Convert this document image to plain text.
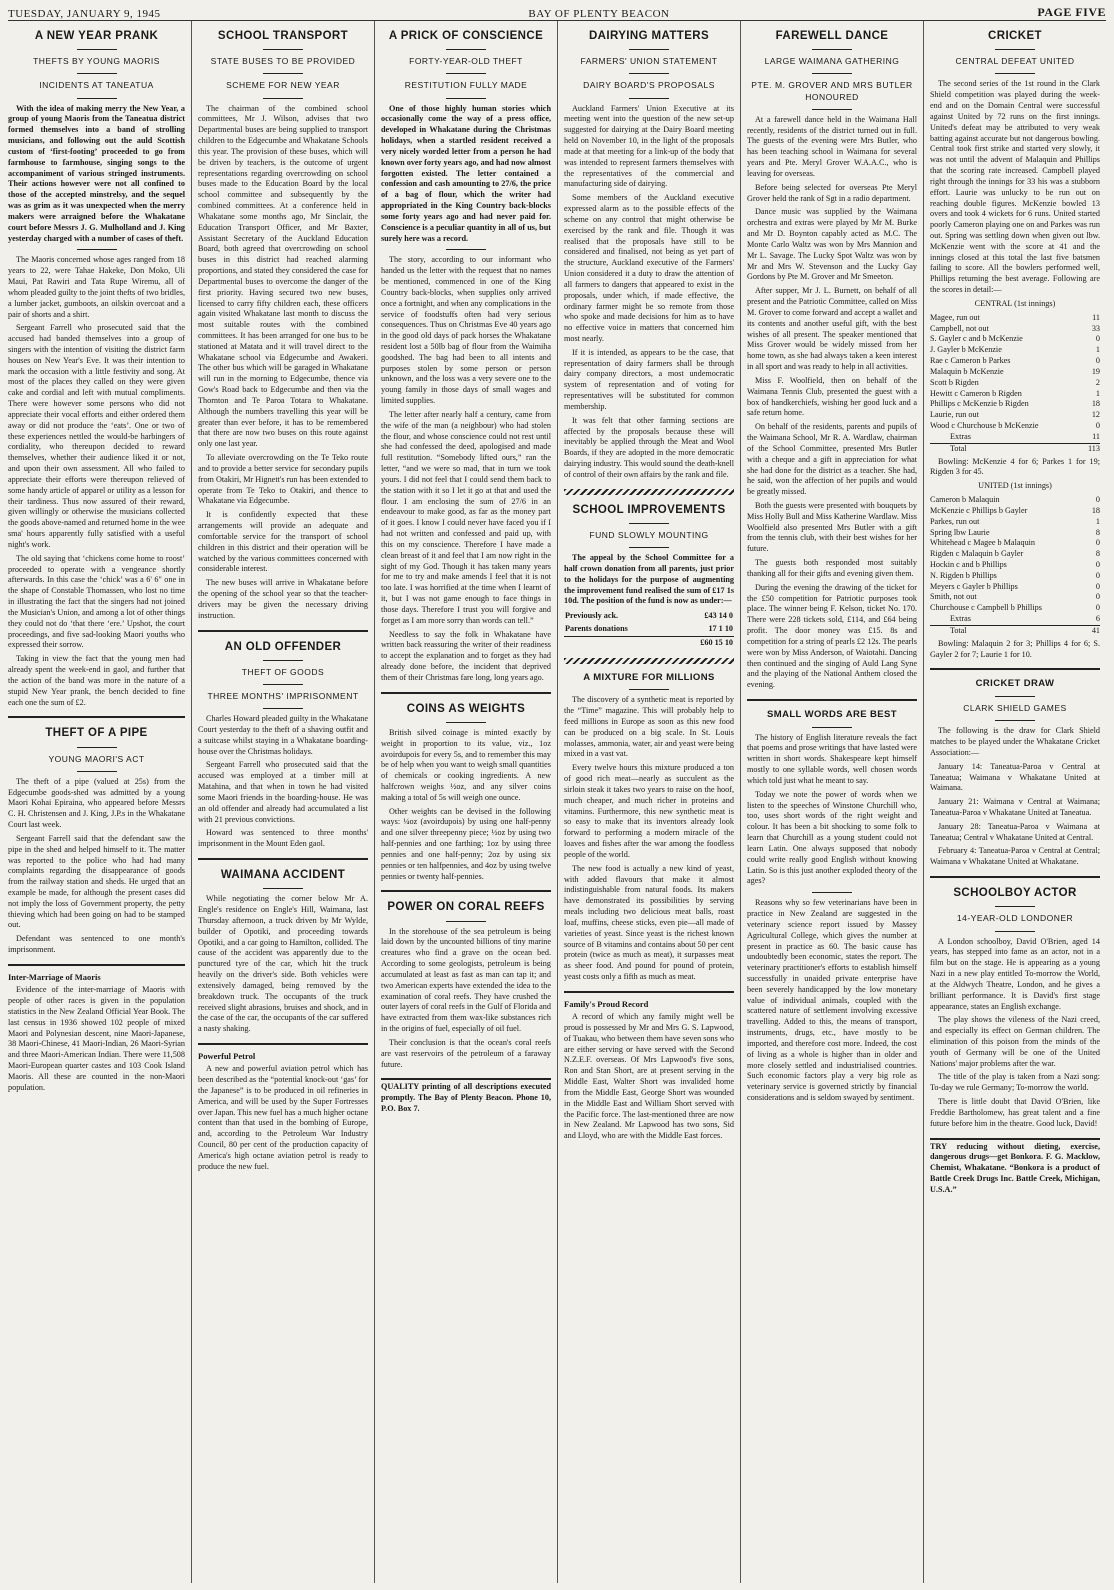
TUESDAY, JANUARY 9, 1945	BAY OF PLENTY BEACON	PAGE FIVE
A NEW YEAR PRANK
THEFTS BY YOUNG MAORIS
INCIDENTS AT TANEATUA

With the idea of making merry the New Year, a group of young Maoris from the Taneatua district formed themselves into a band of strolling musicians, and following out the auld Scottish custom of ‘first-footing’ proceeded to go from farmhouse to farmhouse, singing songs to the accompaniment of various stringed instruments. Their actions however were not all confined to those of the accepted minstrelsy, and the sequel was as grim as it was unexpected when the merry makers were arraigned before the Whakatane court before Messrs J. G. Mulholland and J. King yesterday charged with a number of cases of theft.

The Maoris concerned whose ages ranged from 18 years to 22, were Tahae Hakeke, Don Moko, Uli Maui, Pat Rawiri and Tata Rupe Wiremu, all of whom pleaded guilty to the joint thefts of two bridles, a lumber jacket, gumboots, an oilskin overcoat and a pair of shorts and a shirt.

Sergeant Farrell who prosecuted said that the accused had banded themselves into a group of singers with the intention of visiting the district farm houses on New Year's Eve. It was their intention to mark the occasion with a little festivity and song. At most of the places they called on they were given cake and cordial and left with mutual compliments. There were however some persons who did not appreciate their vocal efforts and either ordered them away or did not produce the ‘eats’. One or two of these experiences nettled the would-be harbingers of cordiality, who thereupon decided to reward themselves, whether their audience liked it or not, and upon their own assessment. All who failed to appreciate their efforts were thereupon relieved of some handy article of apparel or utility as a lesson for their tardiness. Thus now assured of their reward, given willingly or otherwise the musicians collected the goods above-named and returned home in the wee sma' hours apparently fully satisfied with a useful night's work.

The old saying that ‘chickens come home to roost’ proceeded to operate with a vengeance shortly afterwards. In this case the ‘chick’ was a 6' 6" one in the shape of Constable Thomassen, who lost no time in illustrating the fact that the singers had not joined the Musician's Union, and among a lot of other things they could not do ‘that there ‘ere.’ Upshot, the court proceedings, and five sad-looking Maori youths who expressed their sorrow.

Taking in view the fact that the young men had already spent the week-end in gaol, and further that the action of the band was more in the nature of a stupid New Year prank, the bench decided to fine each one the sum of £2.

THEFT OF A PIPE
YOUNG MAORI'S ACT

The theft of a pipe (valued at 25s) from the Edgecumbe goods-shed was admitted by a young Maori Kohai Epiraina, who appeared before Messrs C. H. Christensen and J. King, J.P.s in the Whakatane Court last week.

Sergeant Farrell said that the defendant saw the pipe in the shed and helped himself to it. The matter was reported to the police who had had many complaints regarding the disappearance of goods from the railway station and sheds. He urged that an example be made, for although the present cases did not imply the loss of Government property, the petty thieving which had been going on had to be stamped out.

Defendant was sentenced to one month's imprisonment.

Inter-Marriage of Maoris

Evidence of the inter-marriage of Maoris with people of other races is given in the population statistics in the New Zealand Official Year Book. The last census in 1936 showed 102 people of mixed Maori and Polynesian descent, nine Maori-Japanese, 38 Maori-Chinese, 41 Maori-Indian, 26 Maori-Syrian and three Maori-American Indian. There were 11,508 Maori-European quarter castes and 103 Cook Island Maoris. All these are counted in the non-Maori population.

SCHOOL TRANSPORT
STATE BUSES TO BE PROVIDED
SCHEME FOR NEW YEAR

The chairman of the combined school committees, Mr J. Wilson, advises that two Departmental buses are being supplied to transport children to the Edgecumbe and Whakatane Schools this year. The provision of these buses, which will be driven by teachers, is the outcome of urgent representations regarding overcrowding on school buses made to the Education Board by the local school committee and subsequently by the combined committees. At a conference held in Whakatane some months ago, Mr Sinclair, the Education Transport Officer, and Mr Baxter, Assistant Secretary of the Auckland Education Board, both agreed that overcrowding on school buses in this district had reached alarming proportions, and stated they considered the case for Departmental buses to overcome the danger of the first priority. Having secured two new buses, licensed to carry fifty children each, these officers again visited Whakatane last month to discuss the most suitable routes with the combined committees. It has been arranged for one bus to be stationed at Matata and it will travel direct to the Whakatane school via Edgecumbe and Awakeri. The other bus which will be garaged in Whakatane will run in the morning to Edgecumbe, thence via Gow's Road back to Edgecumbe and then via the Thornton and Te Paroa Totara to Whakatane. Although the numbers travelling this year will be greater than ever before, it has to be remembered that there are now two buses on this route against only one last year.

To alleviate overcrowding on the Te Teko route and to provide a better service for secondary pupils from Otakiri, Mr Hignett's run has been extended to operate from Te Teko to Otakiri, and thence to Whakatane via Edgecumbe.

It is confidently expected that these arrangements will provide an adequate and comfortable service for the transport of school children in this district and their operation will be watched by the various committees concerned with considerable interest.

The new buses will arrive in Whakatane before the opening of the school year so that the teacher-drivers may be given the necessary driving instruction.

AN OLD OFFENDER
THEFT OF GOODS
THREE MONTHS' IMPRISONMENT

Charles Howard pleaded guilty in the Whakatane Court yesterday to the theft of a shaving outfit and a suitcase whilst staying in a Whakatane boarding-house over the Christmas holidays.

Sergeant Farrell who prosecuted said that the accused was employed at a timber mill at Matahina, and that when in town he had visited some Maori friends in the boarding-house. He was an old offender and already had accumulated a list with 21 previous convictions.

Howard was sentenced to three months' imprisonment in the Mount Eden gaol.

WAIMANA ACCIDENT

While negotiating the corner below Mr A. Engle's residence on Engle's Hill, Waimana, last Thursday afternoon, a truck driven by Mr Wylde, builder of Opotiki, and proceeding towards Opotiki, and a car going to Hamilton, collided. The cause of the accident was apparently due to the punctured tyre of the car, which hit the truck heavily on the driver's side. Both vehicles were extensively damaged, being removed by the breakdown truck. The occupants of the truck received slight abrasions, bruises and shock, and in the case of the car, the occupants of the car suffered a nasty shaking.

Powerful Petrol

A new and powerful aviation petrol which has been described as the “potential knock-out ‘gas’ for the Japanese” is to be produced in oil refineries in America, and will be used by the Super Fortresses over Japan. This new fuel has a much higher octane content than that used in the bombing of Europe, and, according to the Petroleum War Industry Council, 80 per cent of the production capacity of America's high octane aviation petrol is ready to produce the new fuel.

A PRICK OF CONSCIENCE
FORTY-YEAR-OLD THEFT
RESTITUTION FULLY MADE

One of those highly human stories which occasionally come the way of a press office, developed in Whakatane during the Christmas holidays, when a startled resident received a very nicely worded letter from a person he had known over forty years ago, and had now almost forgotten existed. The letter contained a confession and cash amounting to 27/6, the price of a bag of flour, which the writer had appropriated in the King Country back-blocks some forty years ago and had never paid for. Conscience is a peculiar quantity in all of us, but surely here was a record.

The story, according to our informant who handed us the letter with the request that no names be mentioned, commenced in one of the King Country back-blocks, when supplies only arrived once a fortnight, and when any complications in the service of foodstuffs often had very serious consequences. Thus on Christmas Eve 40 years ago in the good old days of pack horses the Whakatane resident lost a 50lb bag of flour from the Waimiha goodshed. The bag had been to all intents and purposes stolen by some person or person unknown, and the loss was a very severe one to the young family in those days of small wages and limited supplies.

The letter after nearly half a century, came from the wife of the man (a neighbour) who had stolen the flour, and whose conscience could not rest until she had confessed the deed, apologised and made full restitution. “Somebody lifted ours,” ran the letter, “and we were so mad, that in turn we took yours. I did not feel that I could send them back to the station with it so I let it go at that and used the flour. I am enclosing the sum of 27/6 in an endeavour to make good, as far as the money part of it goes. I know I could never have faced you if I had not written and confessed and paid up, with this on my conscience. Therefore I have made a clean breast of it and feel that I am now right in the sight of my God. Though it has taken many years for me to try and make amends I feel that it is not too late. I was horrified at the time when I learnt of it, but I was not game enough to face things in those days. Therefore I trust you will forgive and forget as I am more sorry than words can tell.”

Needless to say the folk in Whakatane have written back reassuring the writer of their readiness to accept the explanation and to forget as they had already done before, the incident that deprived them of their Christmas fare long, long years ago.

COINS AS WEIGHTS

British silved coinage is minted exactly by weight in proportion to its value, viz., 1oz avoirdupois for every 5s, and to remember this may be of help when you want to weigh small quantities of chemicals or cooking ingredients. A new halfcrown weighs ½oz, and any silver coins making a total of 5s will weigh one ounce.

Other weights can be devised in the following ways: ¼oz (avoirdupois) by using one half-penny and one silver threepenny piece; ½oz by using two half-pennies and one farthing; 1oz by using three pennies and one half-penny; 2oz by using six pennies or ten halfpennies, and 4oz by using twelve pennies or twenty half-pennies.

POWER ON CORAL REEFS

In the storehouse of the sea petroleum is being laid down by the uncounted billions of tiny marine creatures who find a grave on the ocean bed. According to some geologists, petroleum is being accumulated at least as fast as man can tap it; and two American experts have extended the idea to the examination of coral reefs. They have crushed the outer layers of coral reefs in the Gulf of Florida and have extracted from them wax-like substances rich in the origins of fuel, especially of oil fuel.

Their conclusion is that the ocean's coral reefs are vast reservoirs of the petroleum of a faraway future.

QUALITY printing of all descriptions executed promptly. The Bay of Plenty Beacon. Phone 10, P.O. Box 7.

DAIRYING MATTERS
FARMERS' UNION STATEMENT
DAIRY BOARD'S PROPOSALS

Auckland Farmers' Union Executive at its meeting went into the question of the new set-up suggested for dairying at the Dairy Board meeting held on November 10, in the light of the proposals made at that meeting for a link-up of the body that was intended to represent farmers themselves with the representatives of the commercial and manufacturing side of dairying.

Some members of the Auckland executive expressed alarm as to the possible effects of the scheme on any control that might otherwise be exercised by the rank and file. Though it was realised that the proposals have still to be considered and finalised, not being as yet part of the structure, Auckland executive of the Farmers' Union considered it a duty to draw the attention of all farmers to dangers that appeared to exist in the proposals, under which, if made effective, the ordinary farmer might be so remote from those who spoke and made decisions for him as to have no effective voice in matters that concerned him most nearly.

If it is intended, as appears to be the case, that representation of dairy farmers shall be through dairy company directors, a most undemocratic system of representation and of voting for representatives will be substituted for common membership.

It was felt that other farming sections are affected by the proposals because these will inevitably be applied through the Meat and Wool Boards, if they are adopted in the more democratic dairying industry. This would sound the death-knell of control of their own affairs by the rank and file.

SCHOOL IMPROVEMENTS
FUND SLOWLY MOUNTING

The appeal by the School Committee for a half crown donation from all parents, just prior to the holidays for the purpose of augmenting the improvement fund realised the sum of £17 1s 10d. The position of the fund is now as under:—

Previously ack.	£43 14 0
Parents donations	17 1 10
	£60 15 10
A MIXTURE FOR MILLIONS

The discovery of a synthetic meat is reported by the “Time” magazine. This will probably help to feed millions in Europe as soon as this new food can be produced on a big scale. In St. Louis molasses, ammonia, water, air and yeast were being mixed in a vast vat.

Every twelve hours this mixture produced a ton of good rich meat—nearly as succulent as the sirloin steak it takes two years to raise on the hoof, much cheaper, and much richer in proteins and vitamins. Furthermore, this new synthetic meat is so easy to make that its inventors already look forward to performing a modern miracle of the loaves and fishes after the war among the foodless people of the world.

The new food is actually a new kind of yeast, with added flavours that make it almost indistinguishable from natural foods. Its makers have demonstrated its possibilities by serving meals including two delicious meat balls, roast loaf, muffins, cheese sticks, even pie—all made of varieties of yeast. Since yeast is the richest known source of B vitamins and contains about 50 per cent protein (twice as much as meat), it surpasses meat as sheer food. And pound for pound of protein, yeast costs only a fifth as much as meat.

Family's Proud Record

A record of which any family might well be proud is possessed by Mr and Mrs G. S. Lapwood, of Tuakau, who between them have seven sons who are either serving or have served with the Second N.Z.E.F. overseas. Of Mrs Lapwood's five sons, Ron and Stan Short, are at present serving in the Middle East, Walter Short was invalided home from the Middle East, George Short was wounded in the Middle East and William Short served with the Pacific force. The last-mentioned three are now in New Zealand. Mr Lapwood has two sons, Sid and Lloyd, who are with the Middle East forces.

FAREWELL DANCE
LARGE WAIMANA GATHERING
PTE. M. GROVER AND MRS BUTLER HONOURED

At a farewell dance held in the Waimana Hall recently, residents of the district turned out in full. The guests of the evening were Mrs Butler, who has been teaching school in Waimana for several years and Pte. Meryl Grover W.A.A.C., who is leaving for overseas.

Before being selected for overseas Pte Meryl Grover held the rank of Sgt in a radio department.

Dance music was supplied by the Waimana orchestra and extras were played by Mr M. Burke and Mr D. Boynton capably acted as M.C. The Monte Carlo Waltz was won by Mrs Mannion and Mr L. Savage. The Lucky Spot Waltz was won by Mr and Mrs W. Stevenson and the Lucky Gay Gordons by Pte M. Grover and Mr Smeeton.

After supper, Mr J. L. Burnett, on behalf of all present and the Patriotic Committee, called on Miss M. Grover to come forward and accept a wallet and its contents and another useful gift, with the best wishes of all present. The speaker mentioned that Miss Grover would be widely missed from her home town, as she had always taken a keen interest in all sport and was ready to help in all activities.

Miss F. Woolfield, then on behalf of the Waimana Tennis Club, presented the guest with a box of handkerchiefs, wishing her good luck and a safe return home.

On behalf of the residents, parents and pupils of the Waimana School, Mr R. A. Wardlaw, chairman of the School Committee, presented Mrs Butler with a cheque and a gift in appreciation for what she had done for the district as a teacher. She had, he said, won the affection of her pupils and would be greatly missed.

Both the guests were presented with bouquets by Miss Holly Bull and Miss Katherine Wardlaw. Miss Woolfield also presented Mrs Butler with a gift from the tennis club, with their best wishes for her future.

The guests both responded most suitably thanking all for their gifts and evening given them.

During the evening the drawing of the ticket for the £50 competition for Patriotic purposes took place. The winner being F. Kelson, ticket No. 170. There were 228 tickets sold, £114, and £64 being profit. The door money was £15. 8s and competition for a string of pearls £2 12s. The pearls were won by Miss Anderson, of Waiotahi. Dancing then continued and the singing of Auld Lang Syne and the playing of the National Anthem closed the evening.

SMALL WORDS ARE BEST

The history of English literature reveals the fact that poems and prose writings that have lasted were written in short words. Shakespeare kept himself mostly to one syllable words, well chosen words which told just what he meant to say.

Today we note the power of words when we listen to the speeches of Winstone Churchill who, too, uses short words of the right weight and colour. It has been a bit shocking to some folk to learn that Churchill as a young student could not learn Latin. One always supposed that nobody could write really good English without knowing Latin. So is this just another exploded theory of the ages?

Reasons why so few veterinarians have been in practice in New Zealand are suggested in the veterinary science report issued by Massey Agricultural College, which gives the number at present in practice as 60. The basic cause has undoubtedly been economic, states the report. The veterinary practitioner's efforts to establish himself successfully in unaided private enterprise have been severely handicapped by the low monetary value of individual animals, coupled with the scattered nature of settlement involving excessive travelling. Added to this, the means of transport, instruments, drugs, etc., have mostly to be imported, and therefore cost more. Indeed, the cost of living as a whole is higher than in older and more closely settled and industrialised countries. Such economic factors play a very big role as veterinary service is governed strictly by financial considerations and is seldom swayed by sentiment.

CRICKET
CENTRAL DEFEAT UNITED

The second series of the 1st round in the Clark Shield competition was played during the week-end and on the Domain Central were successful against United by 72 runs on the first innings. United's defeat may be attributed to very weak batting against accurate but not dangerous bowling. Central took first strike and started very slowly, it was not until the advent of Malaquin and Phillips that the scoring rate increased. Campbell played right through the innings for 33 his was a stubborn effort. Laurie was unlucky to be run out on reaching double figures. McKenzie bowled 13 overs and took 4 wickets for 6 runs. United started poorly Cameron playing one on and Parkes was run out. Spring was settling down when given out lbw. McKenzie went with the score at 41 and the innings closed at this total the last five batsmen failing to score. All the bowlers performed well, Phillips returning the best average. Following are the scores in detail:—

CENTRAL (1st innings)
Magee, run out	11
Campbell, not out	33
S. Gayler c and b McKenzie	0
J. Gayler b McKenzie	1
Rae c Cameron b Parkes	0
Malaquin b McKenzie	19
Scott b Rigden	2
Hewitt c Cameron b Rigden	1
Phillips c McKenzie b Rigden	18
Laurie, run out	12
Wood c Churchouse b McKenzie	0
Extras	11
Total	113

Bowling: McKenzie 4 for 6; Parkes 1 for 19; Rigden 3 for 45.

UNITED (1st innings)
Cameron b Malaquin	0
McKenzie c Phillips b Gayler	18
Parkes, run out	1
Spring lbw Laurie	8
Whitehead c Magee b Malaquin	0
Rigden c Malaquin b Gayler	8
Hockin c and b Phillips	0
N. Rigden b Phillips	0
Meyers c Gayler b Phillips	0
Smith, not out	0
Churchouse c Campbell b Phillips	0
Extras	6
Total	41

Bowling: Malaquin 2 for 3; Phillips 4 for 6; S. Gayler 2 for 7; Laurie 1 for 10.

CRICKET DRAW
CLARK SHIELD GAMES

The following is the draw for Clark Shield matches to be played under the Whakatane Cricket Association:—

January 14: Taneatua-Paroa v Central at Taneatua; Waimana v Whakatane United at Waimana.

January 21: Waimana v Central at Waimana; Taneatua-Paroa v Whakatane United at Taneatua.

January 28: Taneatua-Paroa v Waimana at Taneatua; Central v Whakatane United at Central.

February 4: Taneatua-Paroa v Central at Central; Waimana v Whakatane United at Whakatane.

SCHOOLBOY ACTOR
14-YEAR-OLD LONDONER

A London schoolboy, David O'Brien, aged 14 years, has stepped into fame as an actor, not in a film but on the stage. He is appearing as a young Nazi in a new play entitled To-morrow the World, at the Aldwych Theatre, London, and he gives a brilliant performance. It is David's first stage appearance, states an English exchange.

The play shows the vileness of the Nazi creed, and especially its effect on German children. The elimination of this poison from the minds of the youth of Germany will be one of the United Nations' major problems after the war.

The title of the play is taken from a Nazi song: To-day we rule Germany; To-morrow the world.

There is little doubt that David O'Brien, like Freddie Bartholomew, has great talent and a fine future before him in the theatre. Good luck, David!

TRY reducing without dieting, exercise, dangerous drugs—get Bonkora. F. G. Macklow, Chemist, Whakatane. “Bonkora is a product of Battle Creek Drugs Inc. Battle Creek, Michigan, U.S.A.”
